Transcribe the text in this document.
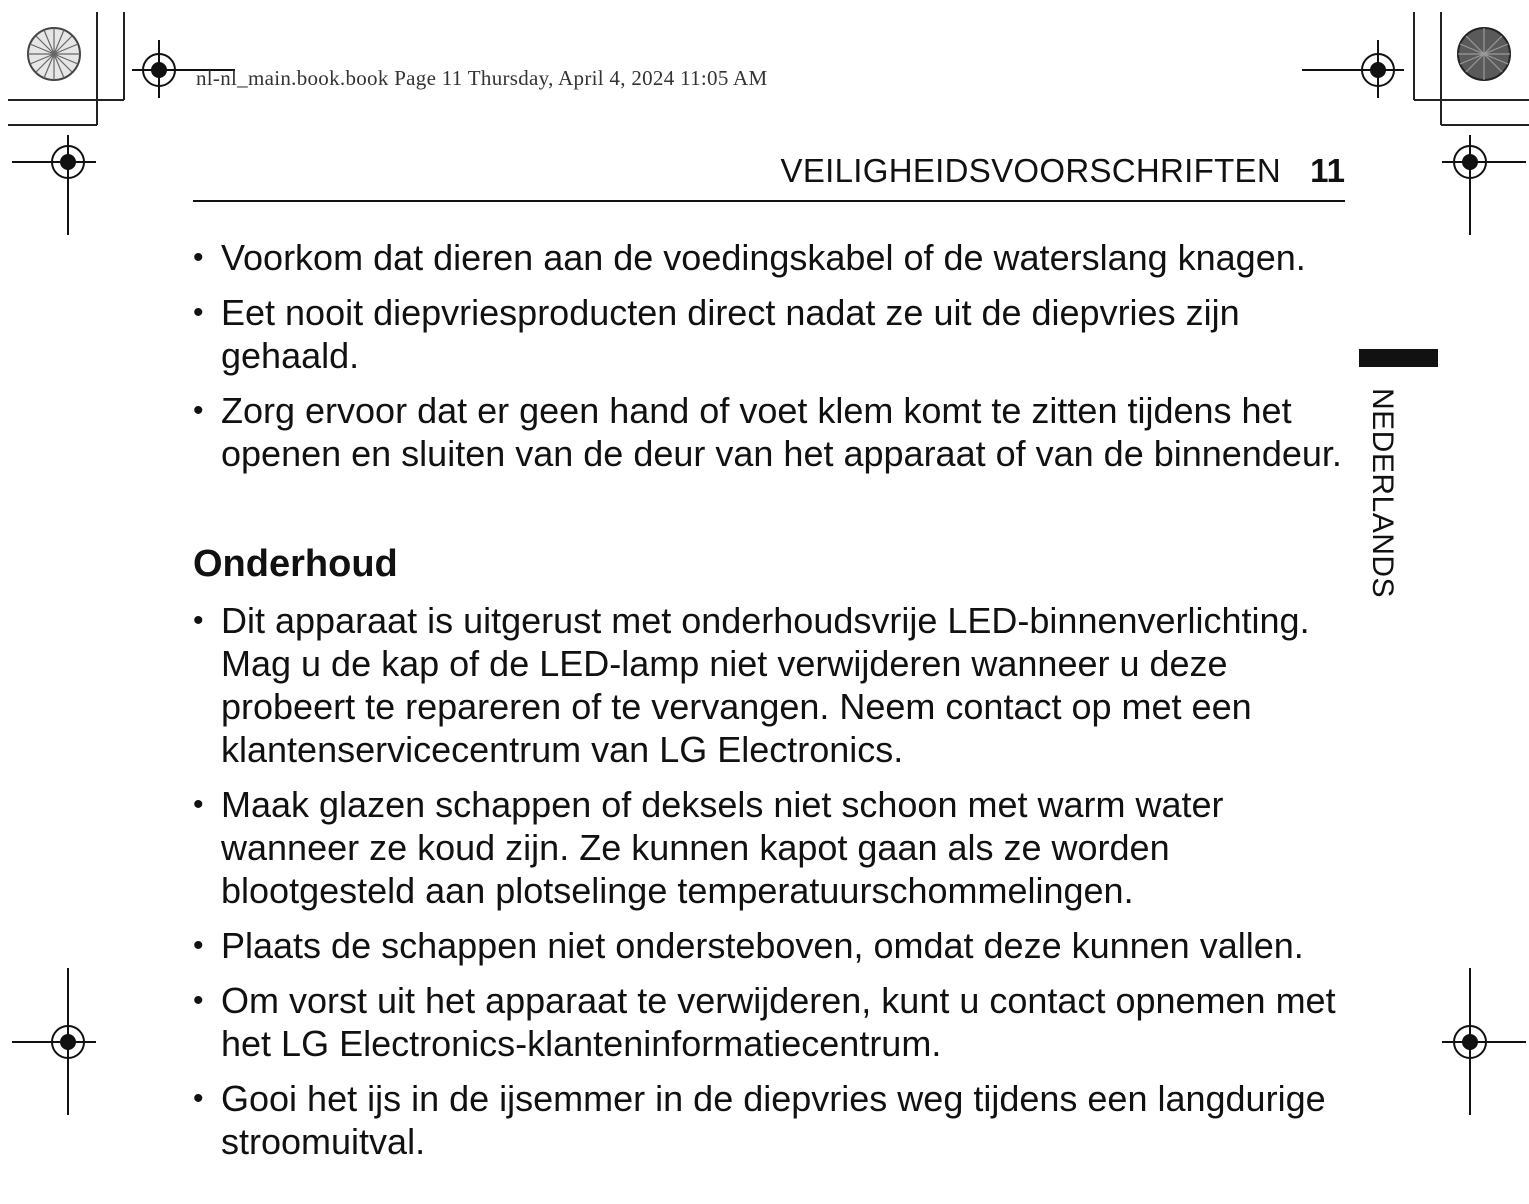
nl-nl_main.book.book Page 11 Thursday, April 4, 2024 11:05 AM
VEILIGHEIDSVOORSCHRIFTEN 11
NEDERLANDS
• Voorkom dat dieren aan de voedingskabel of de waterslang knagen.
• Eet nooit diepvriesproducten direct nadat ze uit de diepvries zijn gehaald.
• Zorg ervoor dat er geen hand of voet klem komt te zitten tijdens het openen en sluiten van de deur van het apparaat of van de binnendeur.
Onderhoud
• Dit apparaat is uitgerust met onderhoudsvrije LED-binnenverlichting. Mag u de kap of de LED-lamp niet verwijderen wanneer u deze probeert te repareren of te vervangen. Neem contact op met een klantenservicecentrum van LG Electronics.
• Maak glazen schappen of deksels niet schoon met warm water wanneer ze koud zijn. Ze kunnen kapot gaan als ze worden blootgesteld aan plotselinge temperatuurschommelingen.
• Plaats de schappen niet ondersteboven, omdat deze kunnen vallen.
• Om vorst uit het apparaat te verwijderen, kunt u contact opnemen met het LG Electronics-klanteninformatiecentrum.
• Gooi het ijs in de ijsemmer in de diepvries weg tijdens een langdurige stroomuitval.
